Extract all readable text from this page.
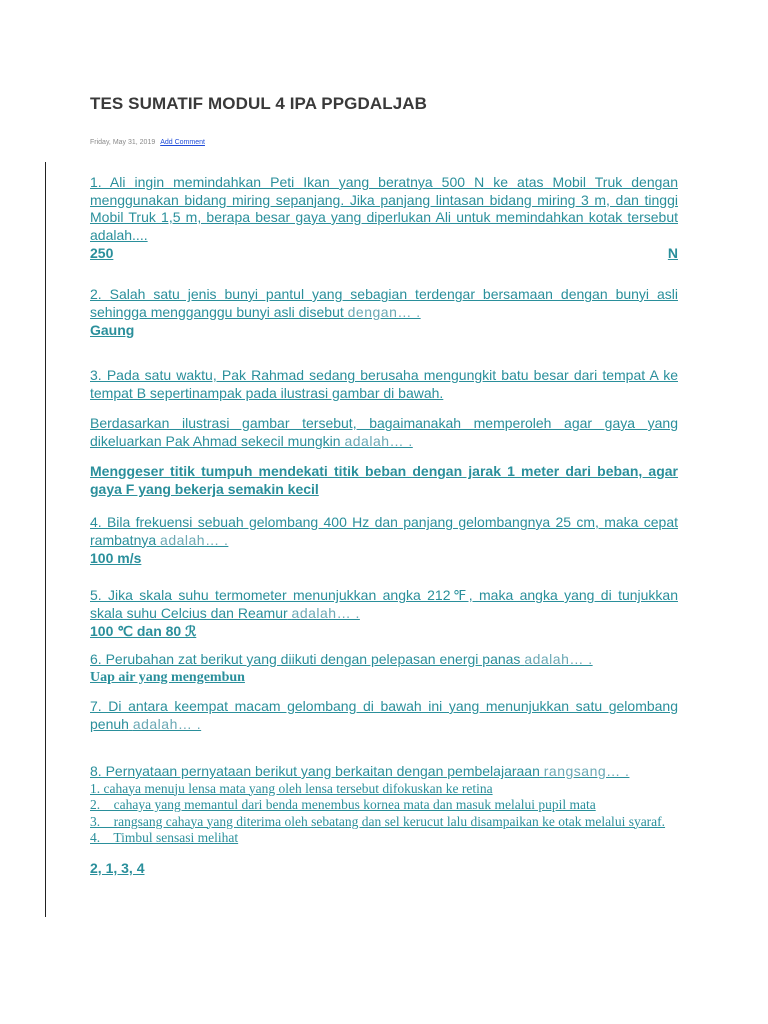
TES SUMATIF MODUL 4 IPA PPGDALJAB
Friday, May 31, 2019 Add Comment

1. Ali ingin memindahkan Peti Ikan yang beratnya 500 N ke atas Mobil Truk dengan menggunakan bidang miring sepanjang. Jika panjang lintasan bidang miring 3 m, dan tinggi Mobil Truk 1,5 m, berapa besar gaya yang diperlukan Ali untuk memindahkan kotak tersebut adalah....

250	N

2. Salah satu jenis bunyi pantul yang sebagian terdengar bersamaan dengan bunyi asli sehingga mengganggu bunyi asli disebut dengan… .

Gaung

3. Pada satu waktu, Pak Rahmad sedang berusaha mengungkit batu besar dari tempat A ke tempat B sepertinampak pada ilustrasi gambar di bawah.

Berdasarkan ilustrasi gambar tersebut, bagaimanakah memperoleh agar gaya yang dikeluarkan Pak Ahmad sekecil mungkin adalah… .

Menggeser titik tumpuh mendekati titik beban dengan jarak 1 meter dari beban, agar gaya F yang bekerja semakin kecil

4. Bila frekuensi sebuah gelombang 400 Hz dan panjang gelombangnya 25 cm, maka cepat rambatnya adalah… .

100 m/s

5. Jika skala suhu termometer menunjukkan angka 212℉, maka angka yang di tunjukkan skala suhu Celcius dan Reamur adalah… .

100 ℃ dan 80 ℛ

6. Perubahan zat berikut yang diikuti dengan pelepasan energi panas adalah… .

Uap air yang mengembun

7. Di antara keempat macam gelombang di bawah ini yang menunjukkan satu gelombang penuh adalah… .

8. Pernyataan pernyataan berikut yang berkaitan dengan pembelajaraan rangsang… .

1. cahaya menuju lensa mata yang oleh lensa tersebut difokuskan ke retina

2.    cahaya yang memantul dari benda menembus kornea mata dan masuk melalui pupil mata

3.    rangsang cahaya yang diterima oleh sebatang dan sel kerucut lalu disampaikan ke otak melalui syaraf.

4.    Timbul sensasi melihat

2, 1, 3, 4
